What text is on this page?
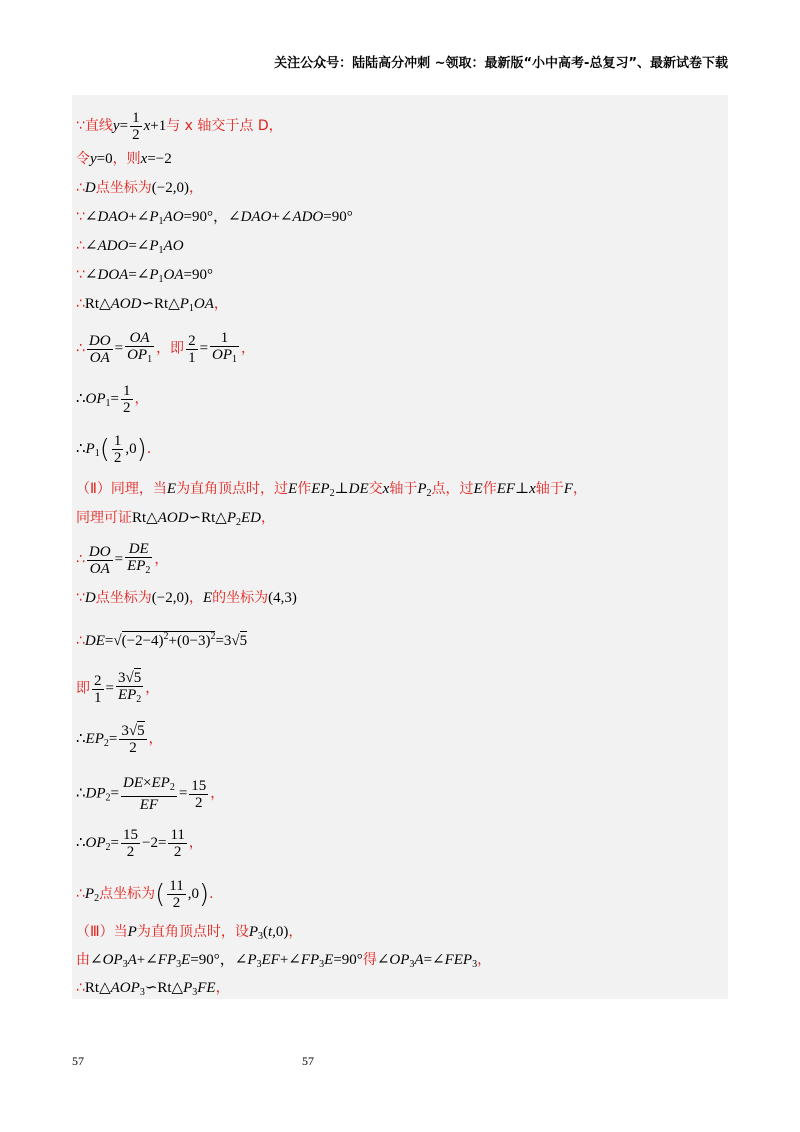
关注公众号：陆陆高分冲刺 ~领取：最新版“小中高考-总复习”、最新试卷下载
∵直线$y= \frac{1}{2} x+1$与 x 轴交于点 D，
令y=0，则x=−2
∴D点坐标为(−2,0)，
$\because\angle DAO+\angle P_1AO=90^\circ$，∠DAO+∠ADO=90°
$\therefore\angle ADO=\angle P_1AO$
$\because\angle DOA=\angle P_1OA=90^\circ$
$\therefore Rt\triangle AOD∽Rt\triangle P_1OA$，
∴ $\frac{DO}{OA} = \frac{OA}{OP_1}$ ，即 $\frac{2}{1} = \frac{1}{OP_1}$ ，
$\therefore OP_1= \frac{1}{2}$ ，
$\therefore P_1( \frac{1}{2} ,0)$.
（Ⅱ）同理，当E为直角顶点时，过E作$EP_2\perp DE$交x轴于$P_2$点，过E作EF⊥x轴于F，
同理可证$Rt\triangle AOD∽Rt\triangle P_2ED$，
∴ $\frac{DO}{OA} = \frac{DE}{EP_2}$ ，
∵D点坐标为(−2,0)，E的坐标为(4,3)
$\therefore DE=√(-2-4)^2+(0-3)^2=3√5$
即 $\frac{2}{1} = \frac{3√5}{EP_2}$ ，
$\therefore EP_2= \frac{3√5}{2}$ ，
$\therefore DP_2= \frac{DE\times EP_2}{EF} = \frac{15}{2}$ ，
$\therefore OP_2= \frac{15}{2} -2= \frac{11}{2}$ ，
$\therefore P_2$点坐标为( $\frac{11}{2} ,0$).
（Ⅲ）当P为直角顶点时，设$P_3(t,0)$，
由$\angle OP_3A+\angle FP_3E=90^\circ$，$\angle P_3EF+\angle FP_3E=90^\circ$得$\angle OP_3A=\angle FEP_3$，
$\therefore Rt\triangle AOP_3∽Rt\triangle P_3FE$，
57	57
